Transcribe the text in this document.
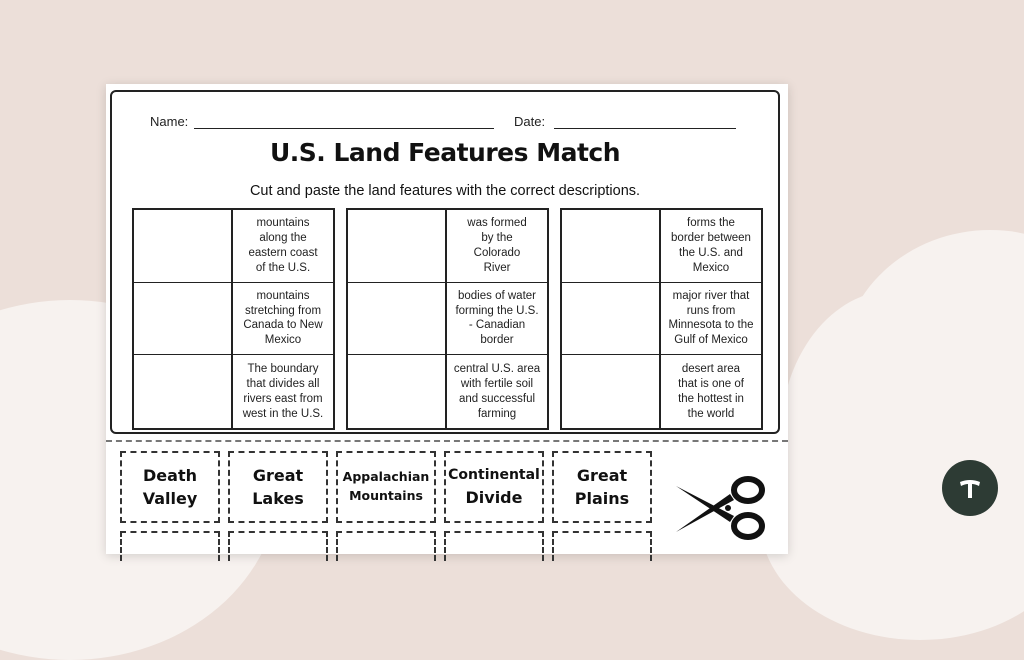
Name:	Date:
U.S. Land Features Match
Cut and paste the land features with the correct descriptions.
mountains
along the
eastern coast
of the U.S.
mountains
stretching from
Canada to New
Mexico
The boundary
that divides all
rivers east from
west in the U.S.
was formed
by the
Colorado
River
bodies of water
forming the U.S.
- Canadian
border
central U.S. area
with fertile soil
and successful
farming
forms the
border between
the U.S. and
Mexico
major river that
runs from
Minnesota to the
Gulf of Mexico
desert area
that is one of
the hottest in
the world
Death
Valley
Great
Lakes
Appalachian
Mountains
Continental
Divide
Great
Plains
